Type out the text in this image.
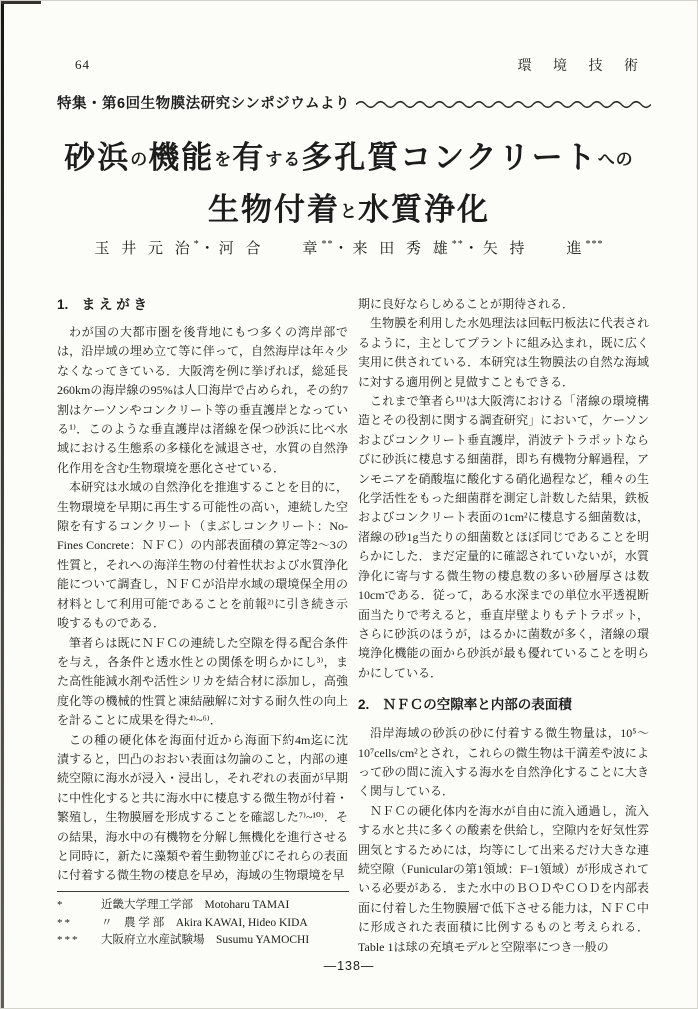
64	環 境 技 術
特集・第6回生物膜法研究シンポジウムより
砂浜の機能を有する多孔質コンクリートへの
生物付着と水質浄化
玉 井 元 治*・河 合　　章**・来 田 秀 雄**・矢 持　　進***
1.　ま え が き

わが国の大都市圏を後背地にもつ多くの湾岸部では，沿岸域の埋め立て等に伴って，自然海岸は年々少なくなってきている．大阪湾を例に挙げれば，総延長260kmの海岸線の95%は人口海岸で占められ，その約7割はケーソンやコンクリート等の垂直護岸となっている¹⁾．このような垂直護岸は渚線を保つ砂浜に比べ水域における生態系の多様化を減退させ，水質の自然浄化作用を含む生物環境を悪化させている．

本研究は水域の自然浄化を推進することを目的に，生物環境を早期に再生する可能性の高い，連続した空隙を有するコンクリート（まぶしコンクリート：No-Fines Concrete：ＮＦＣ）の内部表面積の算定等2～3の性質と，それへの海洋生物の付着性状および水質浄化能について調査し，ＮＦＣが沿岸水域の環境保全用の材料として利用可能であることを前報²⁾に引き続き示唆するものである．

筆者らは既にＮＦＣの連続した空隙を得る配合条件を与え，各条件と透水性との関係を明らかにし³⁾，また高性能減水剤や活性シリカを結合材に添加し，高強度化等の機械的性質と凍結融解に対する耐久性の向上を計ることに成果を得た⁴⁾~⁶⁾．

この種の硬化体を海面付近から海面下約4m迄に沈漬すると，凹凸のおおい表面は勿論のこと，内部の連続空隙に海水が浸入・浸出し，それぞれの表面が早期に中性化すると共に海水中に棲息する微生物が付着・繁殖し，生物膜層を形成することを確認した⁷⁾~¹⁰⁾．その結果，海水中の有機物を分解し無機化を進行させると同時に，新たに藻類や着生動物並びにそれらの表面に付着する微生物の棲息を早め，海域の生物環境を早

期に良好ならしめることが期待される．

生物膜を利用した水処理法は回転円板法に代表されるように，主としてプラントに組み込まれ，既に広く実用に供されている．本研究は生物膜法の自然な海域に対する適用例と見做すこともできる．

これまで筆者ら¹¹⁾は大阪湾における「渚線の環境構造とその役割に関する調査研究」において，ケーソンおよびコンクリート垂直護岸，消波テトラポットならびに砂浜に棲息する細菌群，即ち有機物分解過程，アンモニアを硝酸塩に酸化する硝化過程など，種々の生化学活性をもった細菌群を測定し計数した結果，鉄板およびコンクリート表面の1cm²に棲息する細菌数は，渚線の砂1g当たりの細菌数とほぼ同じであることを明らかにした．まだ定量的に確認されていないが，水質浄化に寄与する微生物の棲息数の多い砂層厚さは数10cmである．従って，ある水深までの単位水平透視断面当たりで考えると，垂直岸壁よりもテトラポット，さらに砂浜のほうが，はるかに菌数が多く，渚線の環境浄化機能の面から砂浜が最も優れていることを明らかにしている．

2.　ＮＦＣの空隙率と内部の表面積

沿岸海域の砂浜の砂に付着する微生物量は，10⁵～10⁷cells/cm²とされ，これらの微生物は干満差や波によって砂の間に流入する海水を自然浄化することに大きく関与している．

ＮＦＣの硬化体内を海水が自由に流入通過し，流入する水と共に多くの酸素を供給し，空隙内を好気性雰囲気とするためには，均等にして出来るだけ大きな連続空隙（Funicularの第1領域：F−1領域）が形成されている必要がある．また水中のＢＯＤやＣＯＤを内部表面に付着した生物膜層で低下させる能力は，ＮＦＣ中に形成された表面積に比例するものと考えられる．Table 1は球の充填モデルと空隙率につき一般の

*	近畿大学理工学部　Motoharu TAMAI
**	〃　農 学 部　Akira KAWAI, Hideo KIDA
***	大阪府立水産試験場　Susumu YAMOCHI
—138—
